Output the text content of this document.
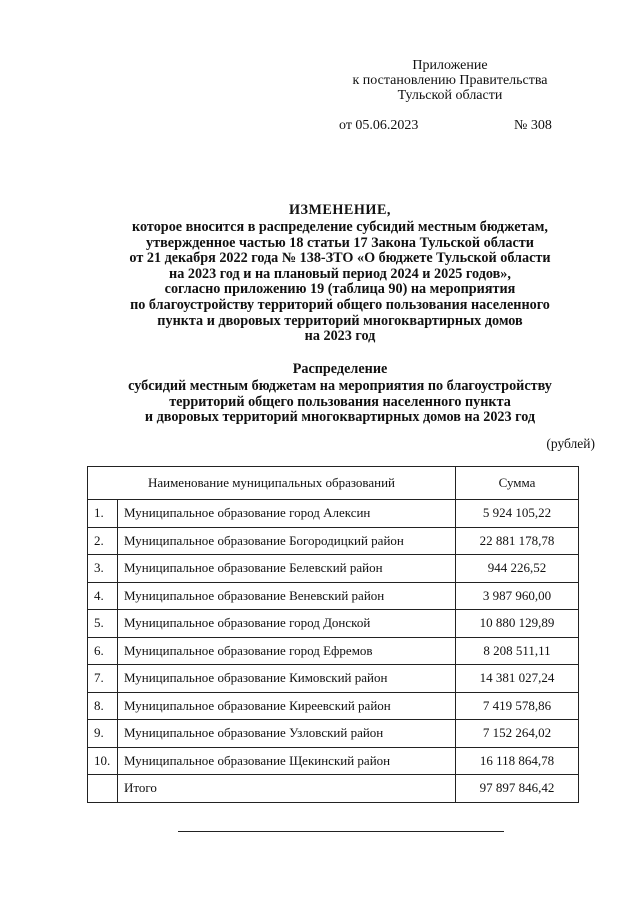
Приложение
к постановлению Правительства
Тульской области
от 05.06.2023	№ 308
ИЗМЕНЕНИЕ,
которое вносится в распределение субсидий местным бюджетам,
утвержденное частью 18 статьи 17 Закона Тульской области
от 21 декабря 2022 года № 138-ЗТО «О бюджете Тульской области
на 2023 год и на плановый период 2024 и 2025 годов»,
согласно приложению 19 (таблица 90) на мероприятия
по благоустройству территорий общего пользования населенного
пункта и дворовых территорий многоквартирных домов
на 2023 год
Распределение
субсидий местным бюджетам на мероприятия по благоустройству
территорий общего пользования населенного пункта
и дворовых территорий многоквартирных домов на 2023 год
(рублей)
Наименование муниципальных образований		Сумма
1.	Муниципальное образование город Алексин	5 924 105,22
2.	Муниципальное образование Богородицкий район	22 881 178,78
3.	Муниципальное образование Белевский район	944 226,52
4.	Муниципальное образование Веневский район	3 987 960,00
5.	Муниципальное образование город Донской	10 880 129,89
6.	Муниципальное образование город Ефремов	8 208 511,11
7.	Муниципальное образование Кимовский район	14 381 027,24
8.	Муниципальное образование Киреевский район	7 419 578,86
9.	Муниципальное образование Узловский район	7 152 264,02
10.	Муниципальное образование Щекинский район	16 118 864,78
	Итого	97 897 846,42
